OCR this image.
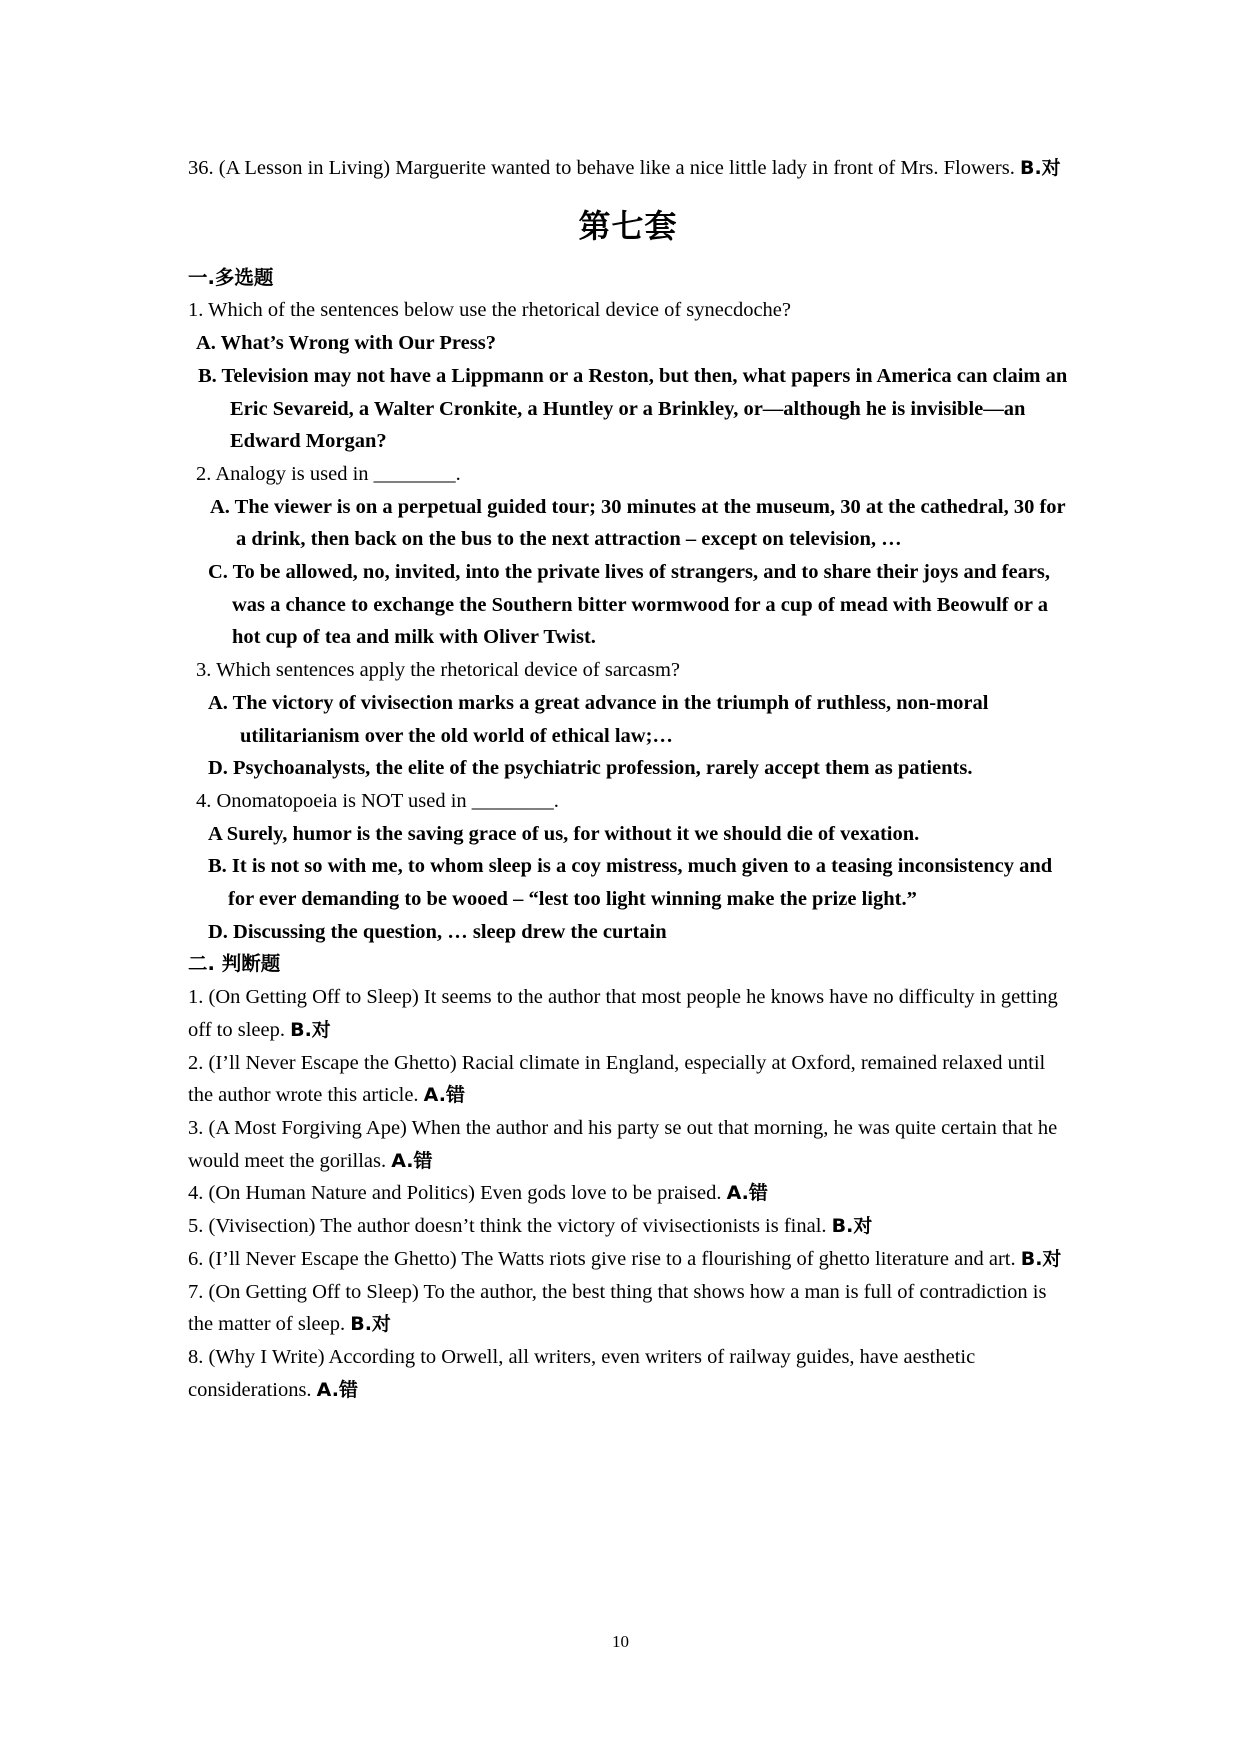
36. (A Lesson in Living) Marguerite wanted to behave like a nice little lady in front of Mrs. Flowers. B.对

第七套
一.多选题

1. Which of the sentences below use the rhetorical device of synecdoche?

A. What’s Wrong with Our Press?

B. Television may not have a Lippmann or a Reston, but then, what papers in America can claim an Eric Sevareid, a Walter Cronkite, a Huntley or a Brinkley, or—although he is invisible—an Edward Morgan?

2. Analogy is used in ________.

A. The viewer is on a perpetual guided tour; 30 minutes at the museum, 30 at the cathedral, 30 for a drink, then back on the bus to the next attraction – except on television, …

C. To be allowed, no, invited, into the private lives of strangers, and to share their joys and fears, was a chance to exchange the Southern bitter wormwood for a cup of mead with Beowulf or a hot cup of tea and milk with Oliver Twist.

3. Which sentences apply the rhetorical device of sarcasm?

A. The victory of vivisection marks a great advance in the triumph of ruthless, non-moral utilitarianism over the old world of ethical law;…

D. Psychoanalysts, the elite of the psychiatric profession, rarely accept them as patients.

4. Onomatopoeia is NOT used in ________.

A Surely, humor is the saving grace of us, for without it we should die of vexation.

B. It is not so with me, to whom sleep is a coy mistress, much given to a teasing inconsistency and for ever demanding to be wooed – “lest too light winning make the prize light.”

D. Discussing the question, … sleep drew the curtain

二. 判断题

1. (On Getting Off to Sleep) It seems to the author that most people he knows have no difficulty in getting off to sleep. B.对

2. (I’ll Never Escape the Ghetto) Racial climate in England, especially at Oxford, remained relaxed until the author wrote this article. A.错

3. (A Most Forgiving Ape) When the author and his party se out that morning, he was quite certain that he would meet the gorillas. A.错

4. (On Human Nature and Politics) Even gods love to be praised. A.错

5. (Vivisection) The author doesn’t think the victory of vivisectionists is final. B.对

6. (I’ll Never Escape the Ghetto) The Watts riots give rise to a flourishing of ghetto literature and art. B.对

7. (On Getting Off to Sleep) To the author, the best thing that shows how a man is full of contradiction is the matter of sleep. B.对

8. (Why I Write) According to Orwell, all writers, even writers of railway guides, have aesthetic considerations. A.错

10
